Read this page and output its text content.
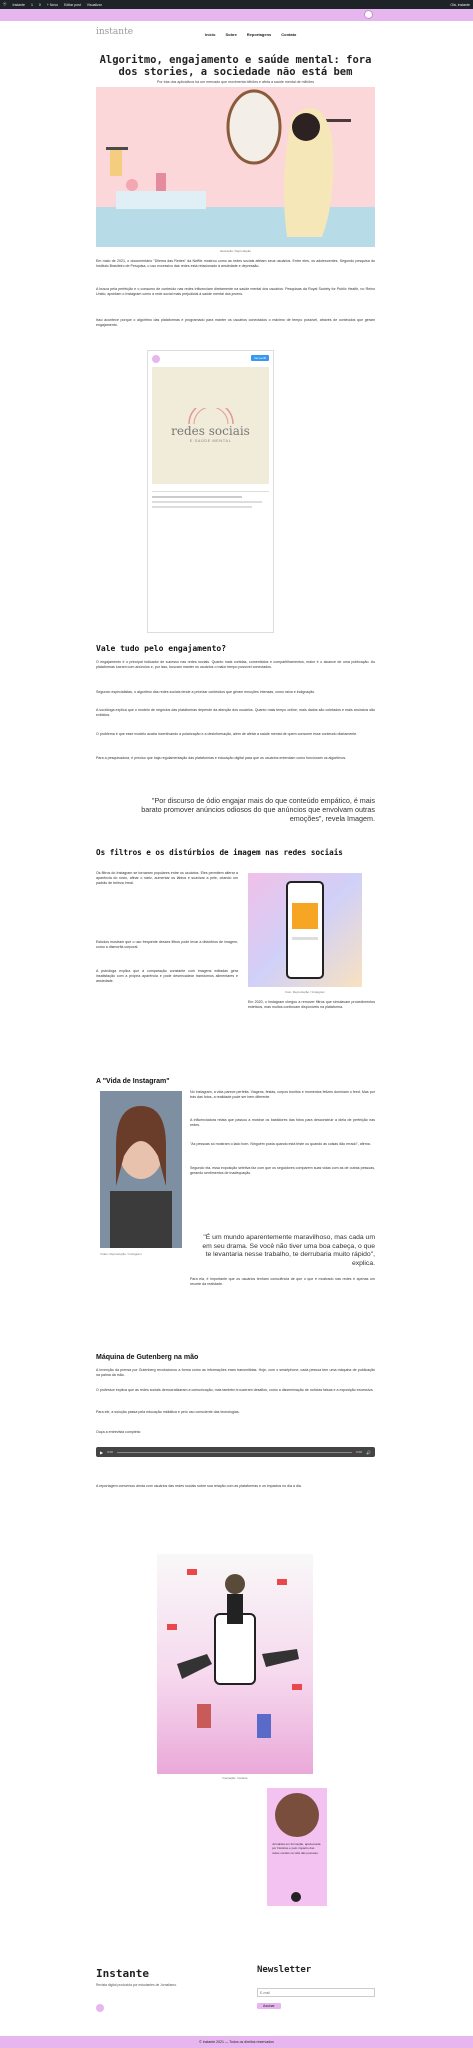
ⓦ Instante 1 0 + Novo Editar post Visualizar	Olá, instante
instante	Início	Sobre	Reportagens	Contato
Algoritmo, engajamento e saúde mental: fora dos stories, a sociedade não está bem
Por trás dos aplicativos há um mercado que movimenta bilhões e afeta a saúde mental de milhões
Ilustração: Reprodução

Em maio de 2021, o documentário "Dilema das Redes" da Netflix mostrou como as redes sociais afetam seus usuários. Entre eles, os adolescentes. Segundo pesquisa do Instituto Brasileiro de Pesquisa, o uso excessivo das redes está relacionado à ansiedade e depressão.

A busca pela perfeição e o consumo de conteúdo nas redes influenciam diretamente na saúde mental dos usuários. Pesquisas da Royal Society for Public Health, no Reino Unido, apontam o Instagram como a rede social mais prejudicial à saúde mental dos jovens.

Isso acontece porque o algoritmo das plataformas é programado para manter os usuários conectados o máximo de tempo possível, através de conteúdos que geram engajamento.

Ver perfil
redes sociais
E SAÚDE MENTAL
Vale tudo pelo engajamento?

O engajamento é o principal indicador de sucesso nas redes sociais. Quanto mais curtidas, comentários e compartilhamentos, maior é o alcance de uma publicação. As plataformas lucram com anúncios e, por isso, buscam manter os usuários o maior tempo possível conectados.

Segundo especialistas, o algoritmo das redes sociais tende a priorizar conteúdos que geram emoções intensas, como raiva e indignação.

A socióloga explica que o modelo de negócios das plataformas depende da atenção dos usuários. Quanto mais tempo online, mais dados são coletados e mais anúncios são exibidos.

O problema é que esse modelo acaba incentivando a polarização e a desinformação, além de afetar a saúde mental de quem consome esse conteúdo diariamente.

Para a pesquisadora, é preciso que haja regulamentação das plataformas e educação digital para que os usuários entendam como funcionam os algoritmos.

"Por discurso de ódio engajar mais do que conteúdo empático, é mais barato promover anúncios odiosos do que anúncios que envolvam outras emoções", revela Imagem.
Os filtros e os distúrbios de imagem nas redes sociais

Os filtros do Instagram se tornaram populares entre os usuários. Eles permitem alterar a aparência do rosto, afinar o nariz, aumentar os lábios e suavizar a pele, criando um padrão de beleza irreal.

Estudos mostram que o uso frequente desses filtros pode levar a distúrbios de imagem, como a dismorfia corporal.

A psicóloga explica que a comparação constante com imagens editadas gera insatisfação com a própria aparência e pode desencadear transtornos alimentares e ansiedade.

Foto: Reprodução / Instagram

Em 2020, o Instagram chegou a remover filtros que simulavam procedimentos estéticos, mas muitos continuam disponíveis na plataforma.

A "Vida de Instagram"
Vídeo: Reprodução / Instagram

No Instagram, a vida parece perfeita. Viagens, festas, corpos bonitos e momentos felizes dominam o feed. Mas por trás das fotos, a realidade pode ser bem diferente.

A influenciadora relata que passou a mostrar os bastidores das fotos para desconstruir a ideia de perfeição nas redes.

"As pessoas só mostram o lado bom. Ninguém posta quando está triste ou quando as coisas dão errado", afirma.

Segundo ela, essa exposição seletiva faz com que os seguidores comparem suas vidas com as de outras pessoas, gerando sentimentos de inadequação.

"É um mundo aparentemente maravilhoso, mas cada um em seu drama. Se você não tiver uma boa cabeça, o que te levantaria nesse trabalho, te derrubaria muito rápido", explica.

Para ela, é importante que os usuários tenham consciência de que o que é mostrado nas redes é apenas um recorte da realidade.

Máquina de Gutenberg na mão

A invenção da prensa por Gutenberg revolucionou a forma como as informações eram transmitidas. Hoje, com o smartphone, cada pessoa tem uma máquina de publicação na palma da mão.

O professor explica que as redes sociais democratizaram a comunicação, mas também trouxeram desafios, como a disseminação de notícias falsas e a exposição excessiva.

Para ele, a solução passa pela educação midiática e pelo uso consciente das tecnologias.

Ouça a entrevista completa:

▶ 0:00	0:00 🔊

A reportagem conversou ainda com usuários das redes sociais sobre sua relação com as plataformas e os impactos no dia a dia.

Ilustração: Instante

Jornalista em formação, apaixonada por histórias e pelo impacto das redes sociais na vida das pessoas.

Instante

Revista digital produzida por estudantes de Jornalismo.

Newsletter
E-mail
Assinar
© Instante 2021 — Todos os direitos reservados
